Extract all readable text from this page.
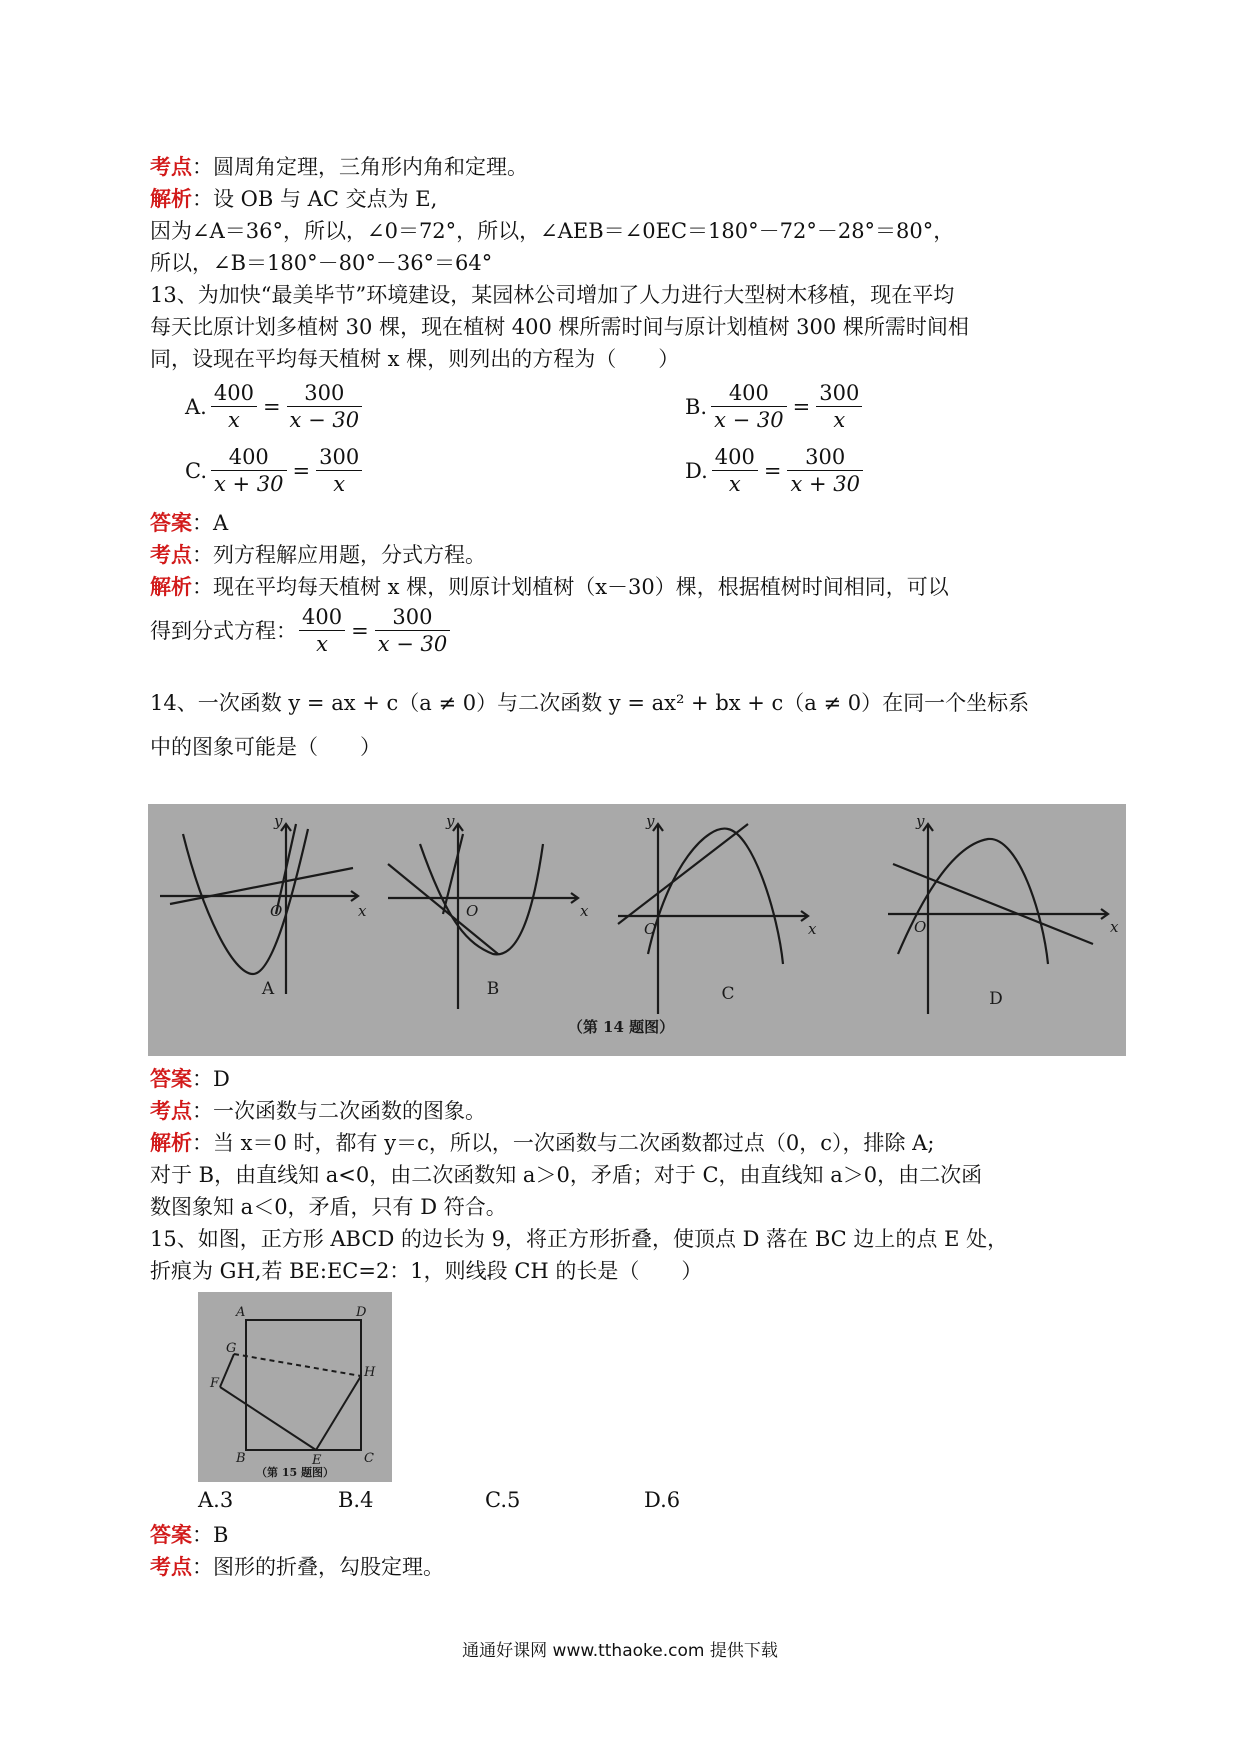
考点：圆周角定理，三角形内角和定理。
解析：设 OB 与 AC 交点为 E,
因为∠A＝36°，所以，∠0＝72°，所以，∠AEB＝∠0EC＝180°－72°－28°＝80°，
所以，∠B＝180°－80°－36°＝64°
13、为加快“最美毕节”环境建设，某园林公司增加了人力进行大型树木移植，现在平均
每天比原计划多植树 30 棵，现在植树 400 棵所需时间与原计划植树 300 棵所需时间相
同，设现在平均每天植树 x 棵，则列出的方程为（　　）
A. $\frac{400}{x} = \frac{300}{x - 30}$	B. $\frac{400}{x - 30} = \frac{300}{x}$
C. $\frac{400}{x + 30} = \frac{300}{x}$	D. $\frac{400}{x} = \frac{300}{x + 30}$
答案：A
考点：列方程解应用题，分式方程。
解析：现在平均每天植树 x 棵，则原计划植树（x－30）棵，根据植树时间相同，可以
得到分式方程： $\frac{400}{x} = \frac{300}{x - 30}$
14、一次函数 y = ax + c（a ≠ 0）与二次函数 y = ax² + bx + c（a ≠ 0）在同一个坐标系
中的图象可能是（　　）
y
x
O
y
x
O
y
x
O
y
x
O
A	B	C	D
（第 14 题图）
答案：D
考点：一次函数与二次函数的图象。
解析：当 x＝0 时，都有 y＝c，所以，一次函数与二次函数都过点（0，c），排除 A;
对于 B，由直线知 a<0，由二次函数知 a＞0，矛盾；对于 C，由直线知 a＞0，由二次函
数图象知 a＜0，矛盾，只有 D 符合。
15、如图，正方形 ABCD 的边长为 9，将正方形折叠，使顶点 D 落在 BC 边上的点 E 处，
折痕为 GH,若 BE:EC=2：1，则线段 CH 的长是（　　）
A	D
G
H
F
B	E	C
（第 15 题图）
A.3	B.4	C.5	D.6
答案：B
考点：图形的折叠，勾股定理。
通通好课网 www.tthaoke.com 提供下载
